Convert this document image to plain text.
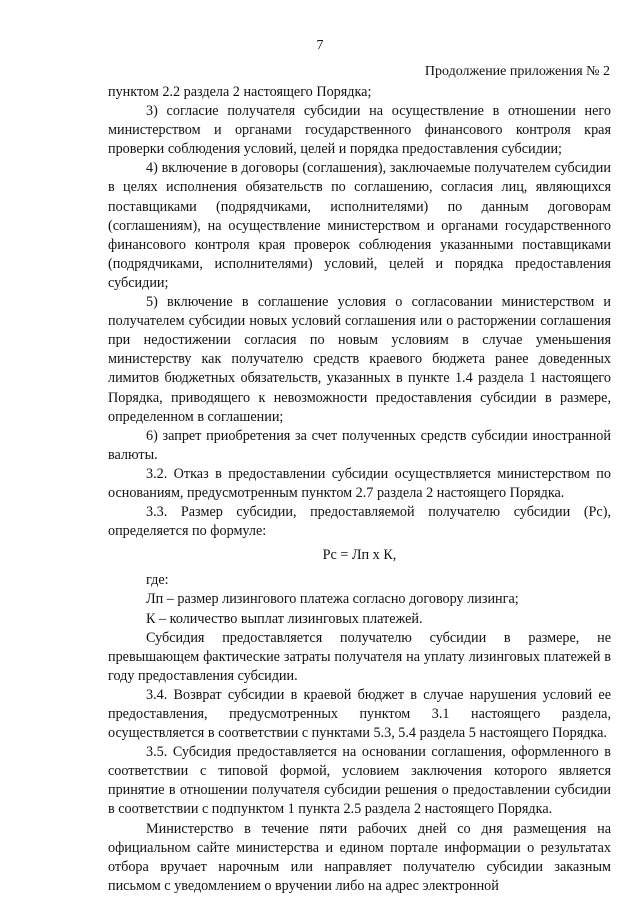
7
Продолжение приложения № 2

пунктом 2.2 раздела 2 настоящего Порядка;

3) согласие получателя субсидии на осуществление в отношении него министерством и органами государственного финансового контроля края проверки соблюдения условий, целей и порядка предоставления субсидии;

4) включение в договоры (соглашения), заключаемые получателем субсидии в целях исполнения обязательств по соглашению, согласия лиц, являющихся поставщиками (подрядчиками, исполнителями) по данным договорам (соглашениям), на осуществление министерством и органами государственного финансового контроля края проверок соблюдения указанными поставщиками (подрядчиками, исполнителями) условий, целей и порядка предоставления субсидии;

5) включение в соглашение условия о согласовании министерством и получателем субсидии новых условий соглашения или о расторжении соглашения при недостижении согласия по новым условиям в случае уменьшения министерству как получателю средств краевого бюджета ранее доведенных лимитов бюджетных обязательств, указанных в пункте 1.4 раздела 1 настоящего Порядка, приводящего к невозможности предоставления субсидии в размере, определенном в соглашении;

6) запрет приобретения за счет полученных средств субсидии иностранной валюты.

3.2. Отказ в предоставлении субсидии осуществляется министерством по основаниям, предусмотренным пунктом 2.7 раздела 2 настоящего Порядка.

3.3. Размер субсидии, предоставляемой получателю субсидии (Рс), определяется по формуле:

Рс = Лп х К,

где:

Лп – размер лизингового платежа согласно договору лизинга;

К – количество выплат лизинговых платежей.

Субсидия предоставляется получателю субсидии в размере, не превышающем фактические затраты получателя на уплату лизинговых платежей в году предоставления субсидии.

3.4. Возврат субсидии в краевой бюджет в случае нарушения условий ее предоставления, предусмотренных пунктом 3.1 настоящего раздела, осуществляется в соответствии с пунктами 5.3, 5.4 раздела 5 настоящего Порядка.

3.5. Субсидия предоставляется на основании соглашения, оформленного в соответствии с типовой формой, условием заключения которого является принятие в отношении получателя субсидии решения о предоставлении субсидии в соответствии с подпунктом 1 пункта 2.5 раздела 2 настоящего Порядка.

Министерство в течение пяти рабочих дней со дня размещения на официальном сайте министерства и едином портале информации о результатах отбора вручает нарочным или направляет получателю субсидии заказным письмом с уведомлением о вручении либо на адрес электронной
